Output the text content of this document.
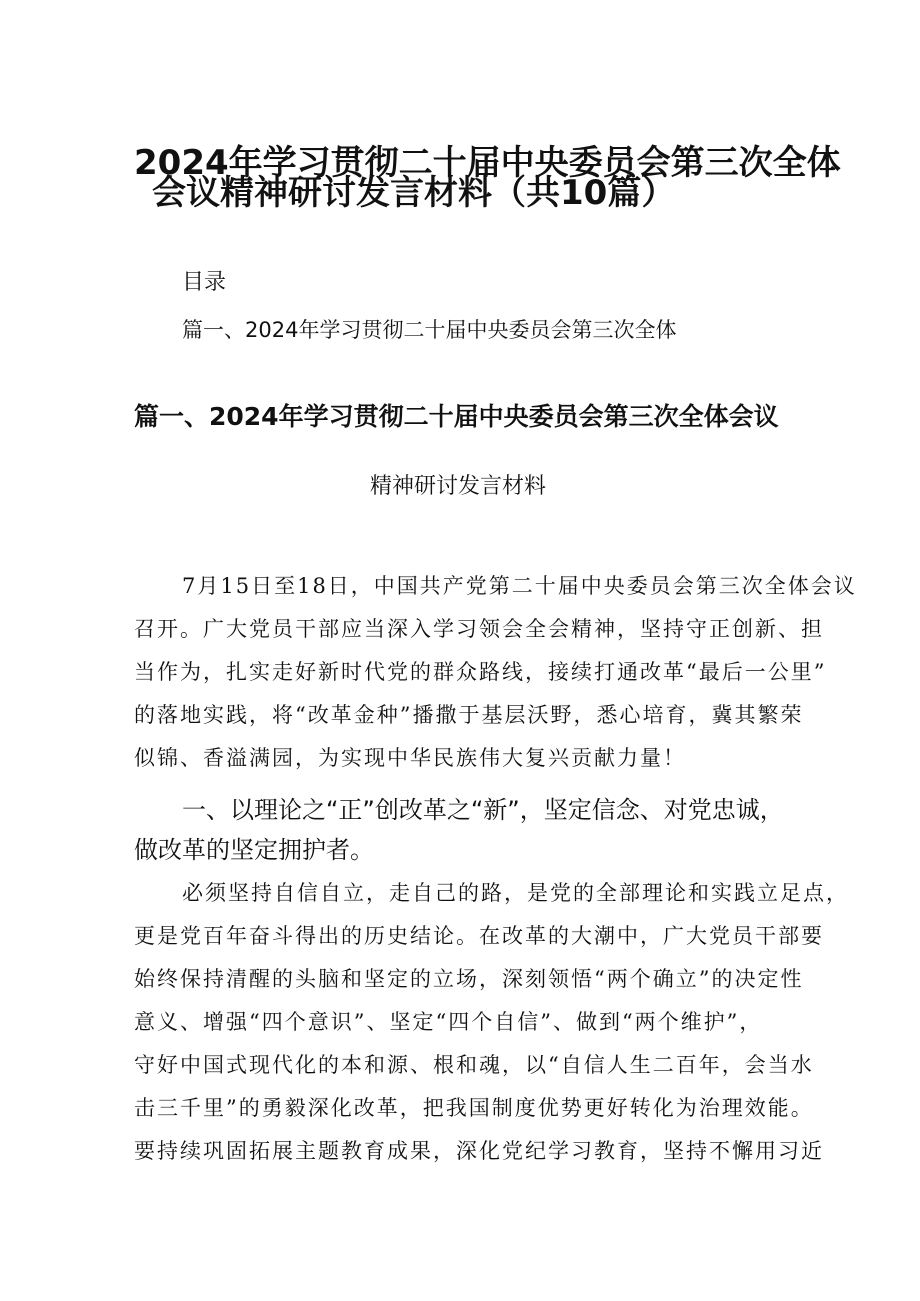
2024年学习贯彻二十届中央委员会第三次全体

会议精神研讨发言材料（共10篇）

目录

篇一、2024年学习贯彻二十届中央委员会第三次全体

篇一、2024年学习贯彻二十届中央委员会第三次全体会议

精神研讨发言材料

7月15日至18日，中国共产党第二十届中央委员会第三次全体会议

召开。广大党员干部应当深入学习领会全会精神，坚持守正创新、担

当作为，扎实走好新时代党的群众路线，接续打通改革“最后一公里”

的落地实践，将“改革金种”播撒于基层沃野，悉心培育，冀其繁荣

似锦、香溢满园，为实现中华民族伟大复兴贡献力量！

一、以理论之“正”创改革之“新”，坚定信念、对党忠诚，

做改革的坚定拥护者。

必须坚持自信自立，走自己的路，是党的全部理论和实践立足点，

更是党百年奋斗得出的历史结论。在改革的大潮中，广大党员干部要

始终保持清醒的头脑和坚定的立场，深刻领悟“两个确立”的决定性

意义、增强“四个意识”、坚定“四个自信”、做到“两个维护”，

守好中国式现代化的本和源、根和魂，以“自信人生二百年，会当水

击三千里”的勇毅深化改革，把我国制度优势更好转化为治理效能。

要持续巩固拓展主题教育成果，深化党纪学习教育，坚持不懈用习近
